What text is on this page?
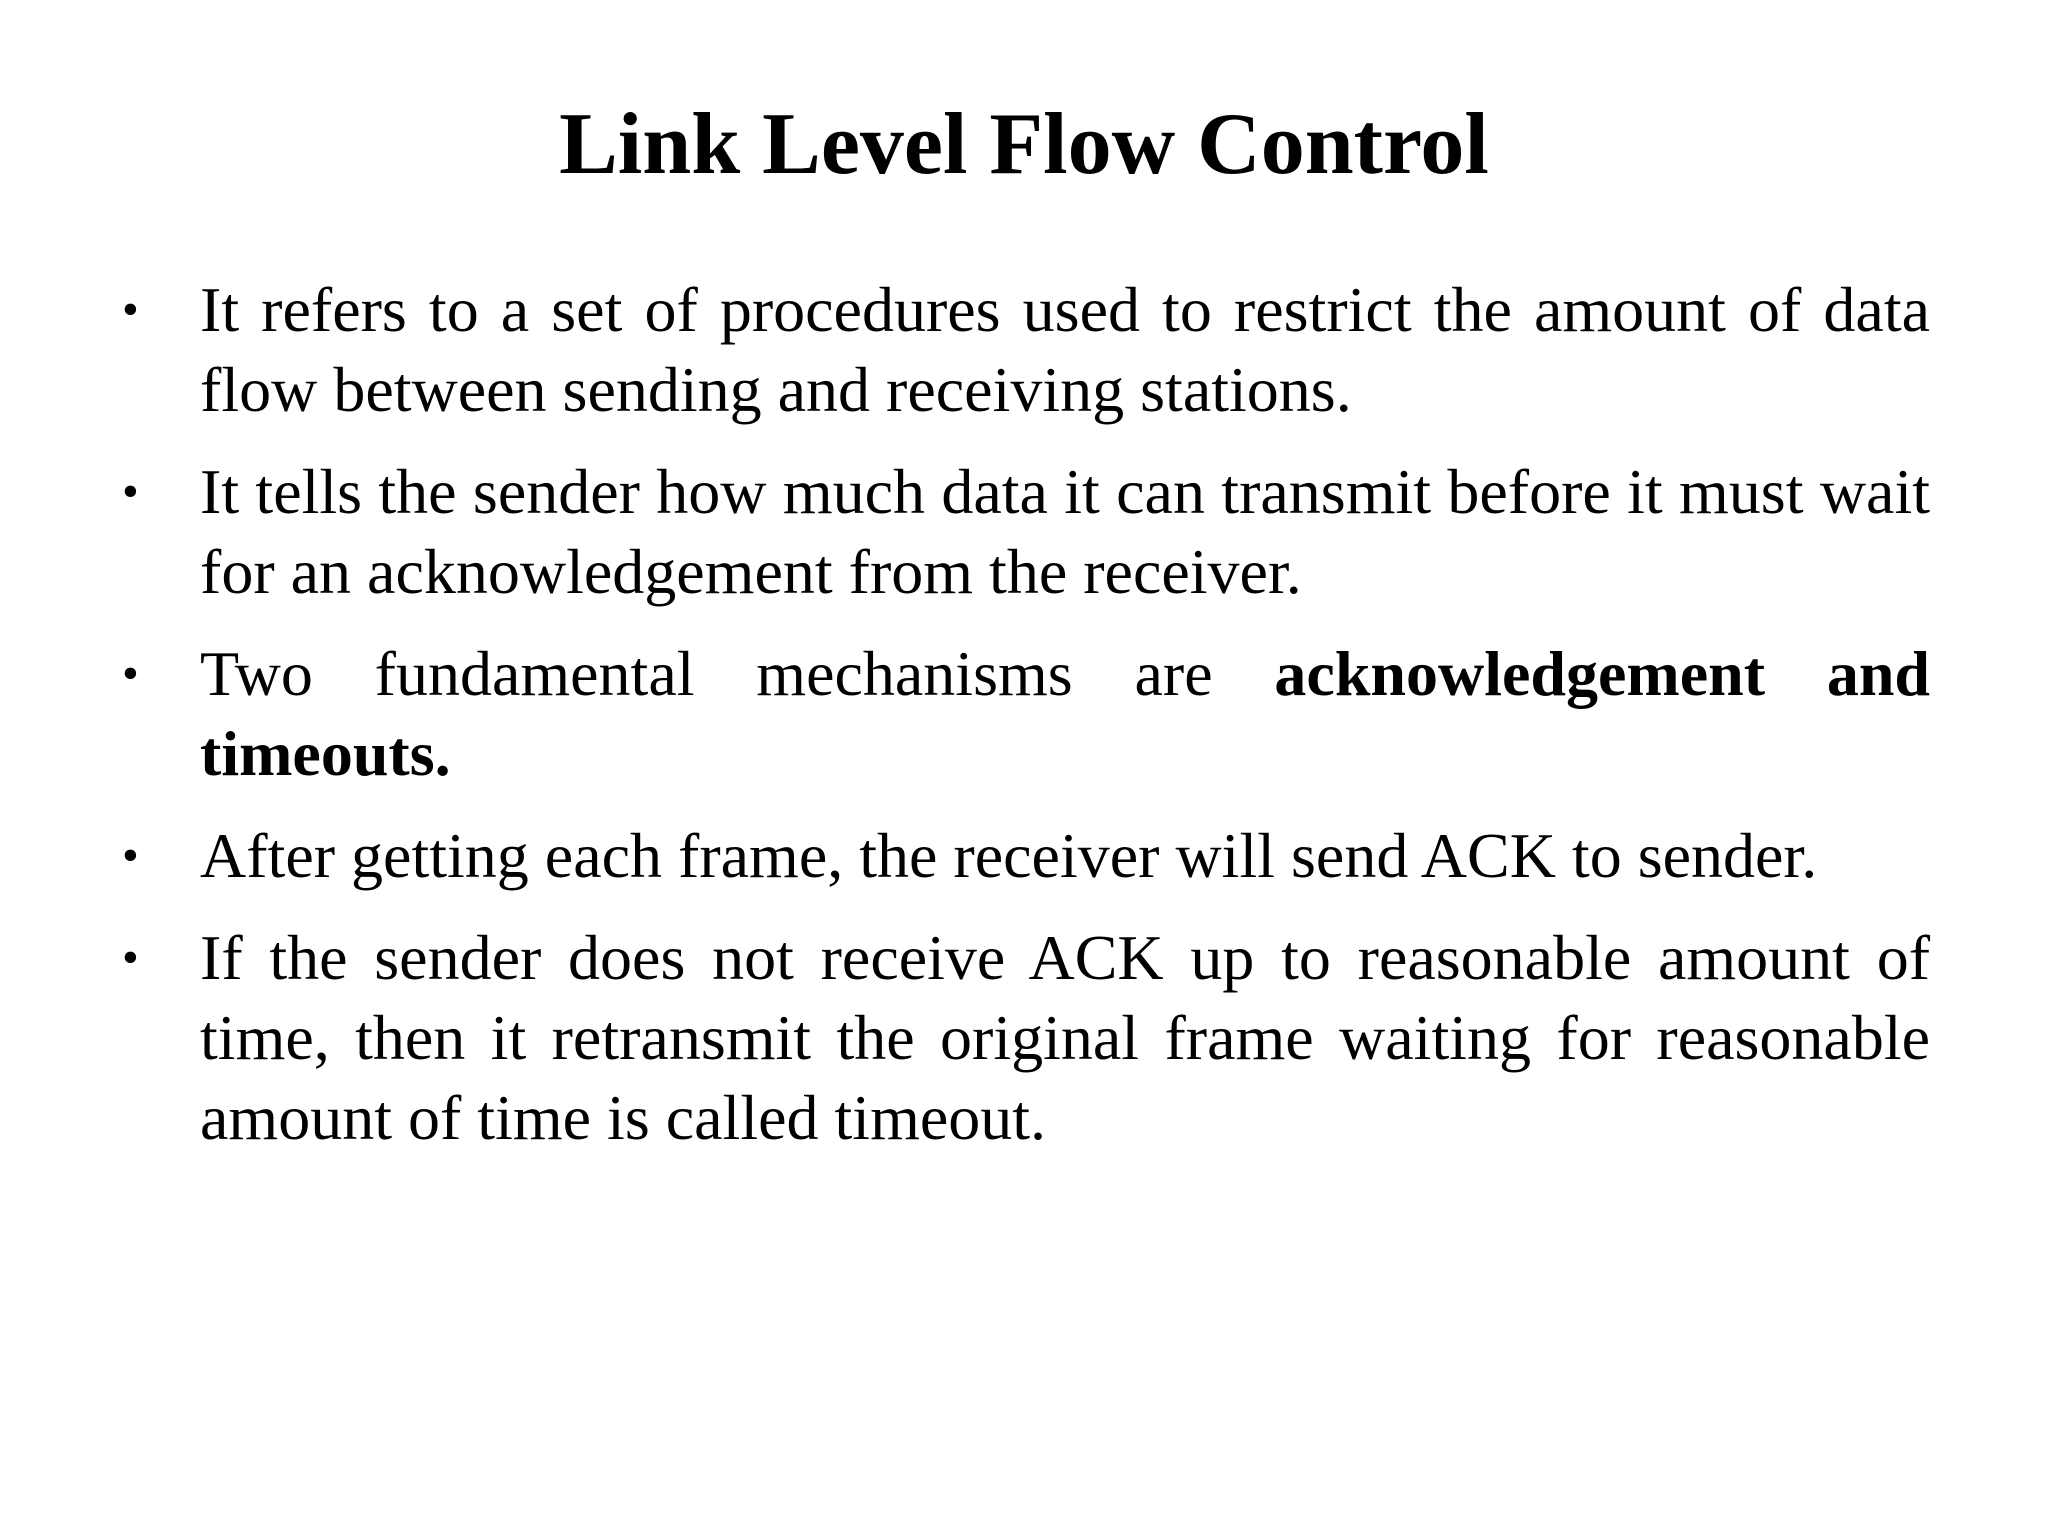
Link Level Flow Control
• It refers to a set of procedures used to restrict the amount of data flow between sending and receiving stations.
• It tells the sender how much data it can transmit before it must wait for an acknowledgement from the receiver.
• Two fundamental mechanisms are acknowledgement and timeouts.
• After getting each frame, the receiver will send ACK to sender.
• If the sender does not receive ACK up to reasonable amount of time, then it retransmit the original frame waiting for reasonable amount of time is called timeout.
